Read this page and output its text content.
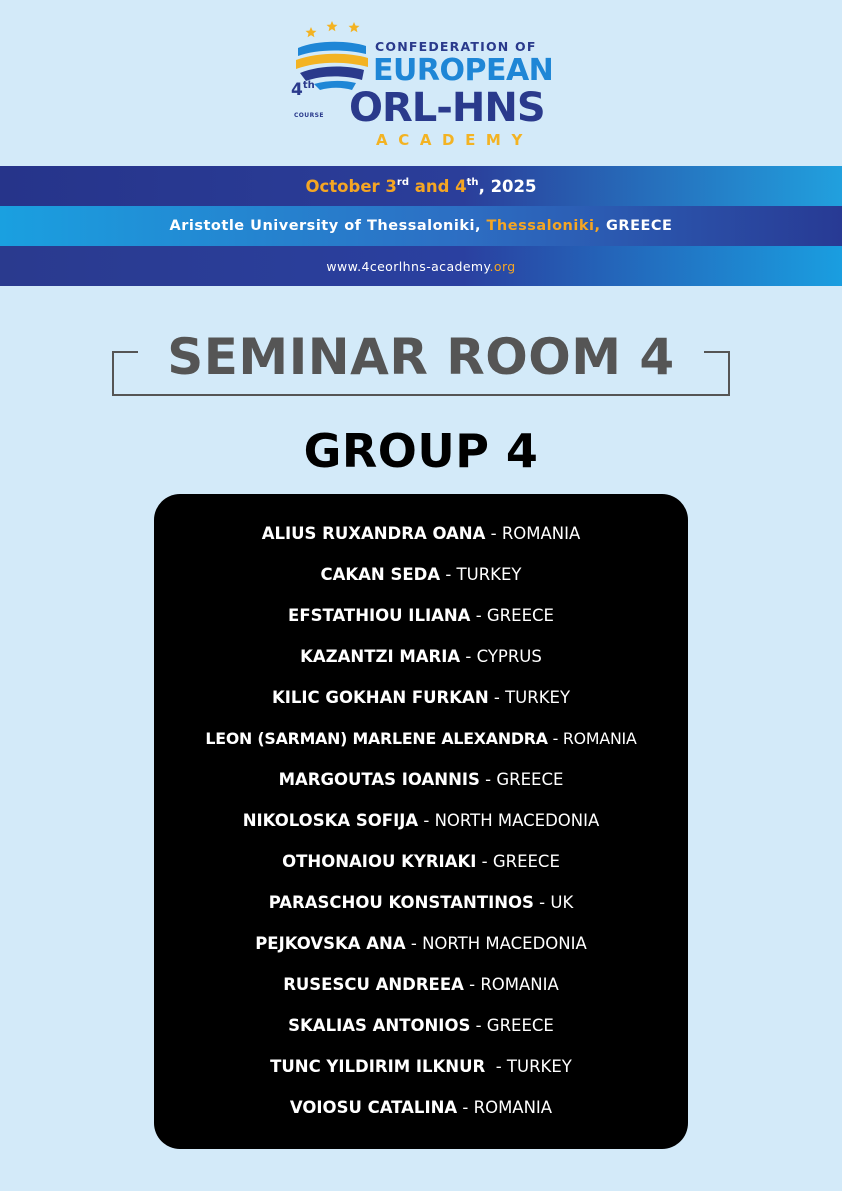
4th
COURSE
CONFEDERATION OF
EUROPEAN
ORL-HNS
ACADEMY
October 3rd and 4th, 2025
Aristotle University of Thessaloniki, Thessaloniki, GREECE
www.4ceorlhns-academy.org
SEMINAR ROOM 4
GROUP 4
ALIUS RUXANDRA OANA - ROMANIA
CAKAN SEDA - TURKEY
EFSTATHIOU ILIANA - GREECE
KAZANTZI MARIA - CYPRUS
KILIC GOKHAN FURKAN - TURKEY
LEON (SARMAN) MARLENE ALEXANDRA - ROMANIA
MARGOUTAS IOANNIS - GREECE
NIKOLOSKA SOFIJA - NORTH MACEDONIA
OTHONAIOU KYRIAKI - GREECE
PARASCHOU KONSTANTINOS - UK
PEJKOVSKA ANA - NORTH MACEDONIA
RUSESCU ANDREEA - ROMANIA
SKALIAS ANTONIOS - GREECE
TUNC YILDIRIM ILKNUR  - TURKEY
VOIOSU CATALINA - ROMANIA
